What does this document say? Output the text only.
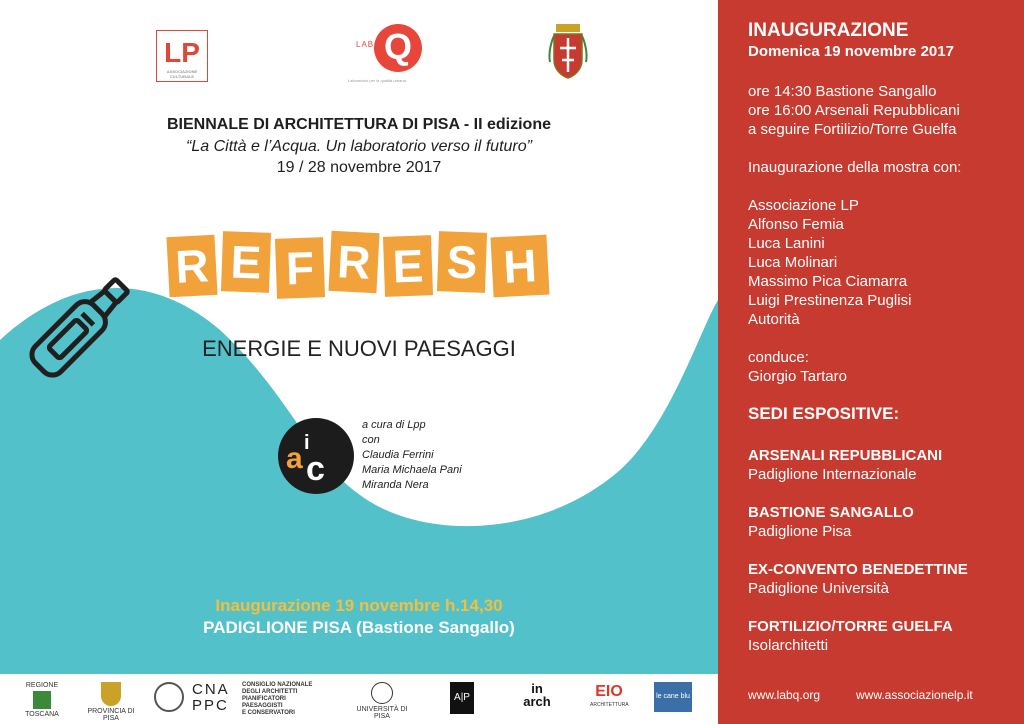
LP
ASSOCIAZIONE CULTURALE
Q
LAB
Laboratorio per la qualità urbana
BIENNALE DI ARCHITETTURA DI PISA - II edizione
“La Città e l’Acqua. Un laboratorio verso il futuro”
19 / 28 novembre 2017
R E F R E S H
ENERGIE E NUOVI PAESAGGI
a i
c
a cura di Lpp
con
Claudia Ferrini
Maria Michaela Pani
Miranda Nera
Inaugurazione 19 novembre h.14,30
PADIGLIONE PISA (Bastione Sangallo)
REGIONE
TOSCANA	PROVINCIA DI PISA
CNA
PPC
CONSIGLIO NAZIONALE
DEGLI ARCHITETTI
PIANIFICATORI
PAESAGGISTI
E CONSERVATORI	UNIVERSITÀ DI PISA
A|P
in
arch
EIO
ARCHITETTURA
le cane blu
INAUGURAZIONE
Domenica 19 novembre 2017
ore 14:30 Bastione Sangallo
ore 16:00 Arsenali Repubblicani
a seguire Fortilizio/Torre Guelfa
Inaugurazione della mostra con:
Associazione LP
Alfonso Femia
Luca Lanini
Luca Molinari
Massimo Pica Ciamarra
Luigi Prestinenza Puglisi
Autorità
conduce:
Giorgio Tartaro
SEDI ESPOSITIVE:
ARSENALI REPUBBLICANI
Padiglione Internazionale
BASTIONE SANGALLO
Padiglione Pisa
EX-CONVENTO BENEDETTINE
Padiglione Università
FORTILIZIO/TORRE GUELFA
Isolarchitetti
www.labq.org	www.associazionelp.it
